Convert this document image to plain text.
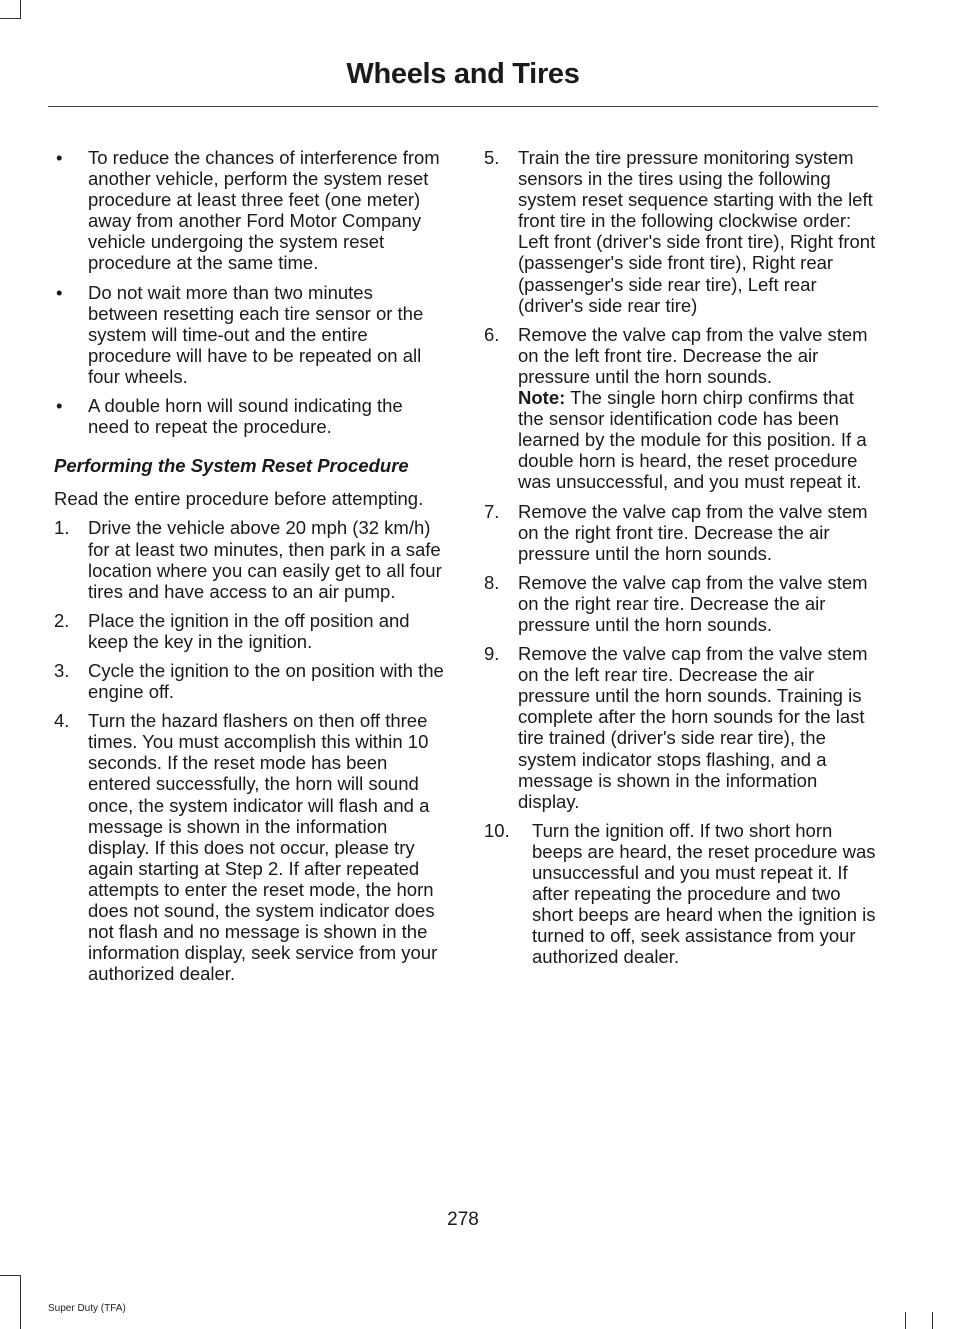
Wheels and Tires
•	To reduce the chances of interference from another vehicle, perform the system reset procedure at least three feet (one meter) away from another Ford Motor Company vehicle undergoing the system reset procedure at the same time.
•	Do not wait more than two minutes between resetting each tire sensor or the system will time-out and the entire procedure will have to be repeated on all four wheels.
•	A double horn will sound indicating the need to repeat the procedure.
Performing the System Reset Procedure
Read the entire procedure before attempting.
1.	Drive the vehicle above 20 mph (32 km/h) for at least two minutes, then park in a safe location where you can easily get to all four tires and have access to an air pump.
2.	Place the ignition in the off position and keep the key in the ignition.
3.	Cycle the ignition to the on position with the engine off.
4.	Turn the hazard flashers on then off three times. You must accomplish this within 10 seconds. If the reset mode has been entered successfully, the horn will sound once, the system indicator will flash and a message is shown in the information display. If this does not occur, please try again starting at Step 2. If after repeated attempts to enter the reset mode, the horn does not sound, the system indicator does not flash and no message is shown in the information display, seek service from your authorized dealer.
5.	Train the tire pressure monitoring system sensors in the tires using the following system reset sequence starting with the left front tire in the following clockwise order: Left front (driver's side front tire), Right front (passenger's side front tire), Right rear (passenger's side rear tire), Left rear (driver's side rear tire)
6.	Remove the valve cap from the valve stem on the left front tire. Decrease the air pressure until the horn sounds.
Note: The single horn chirp confirms that the sensor identification code has been learned by the module for this position. If a double horn is heard, the reset procedure was unsuccessful, and you must repeat it.
7.	Remove the valve cap from the valve stem on the right front tire. Decrease the air pressure until the horn sounds.
8.	Remove the valve cap from the valve stem on the right rear tire. Decrease the air pressure until the horn sounds.
9.	Remove the valve cap from the valve stem on the left rear tire. Decrease the air pressure until the horn sounds. Training is complete after the horn sounds for the last tire trained (driver's side rear tire), the system indicator stops flashing, and a message is shown in the information display.
10.	Turn the ignition off. If two short horn beeps are heard, the reset procedure was unsuccessful and you must repeat it. If after repeating the procedure and two short beeps are heard when the ignition is turned to off, seek assistance from your authorized dealer.
278
Super Duty (TFA)
